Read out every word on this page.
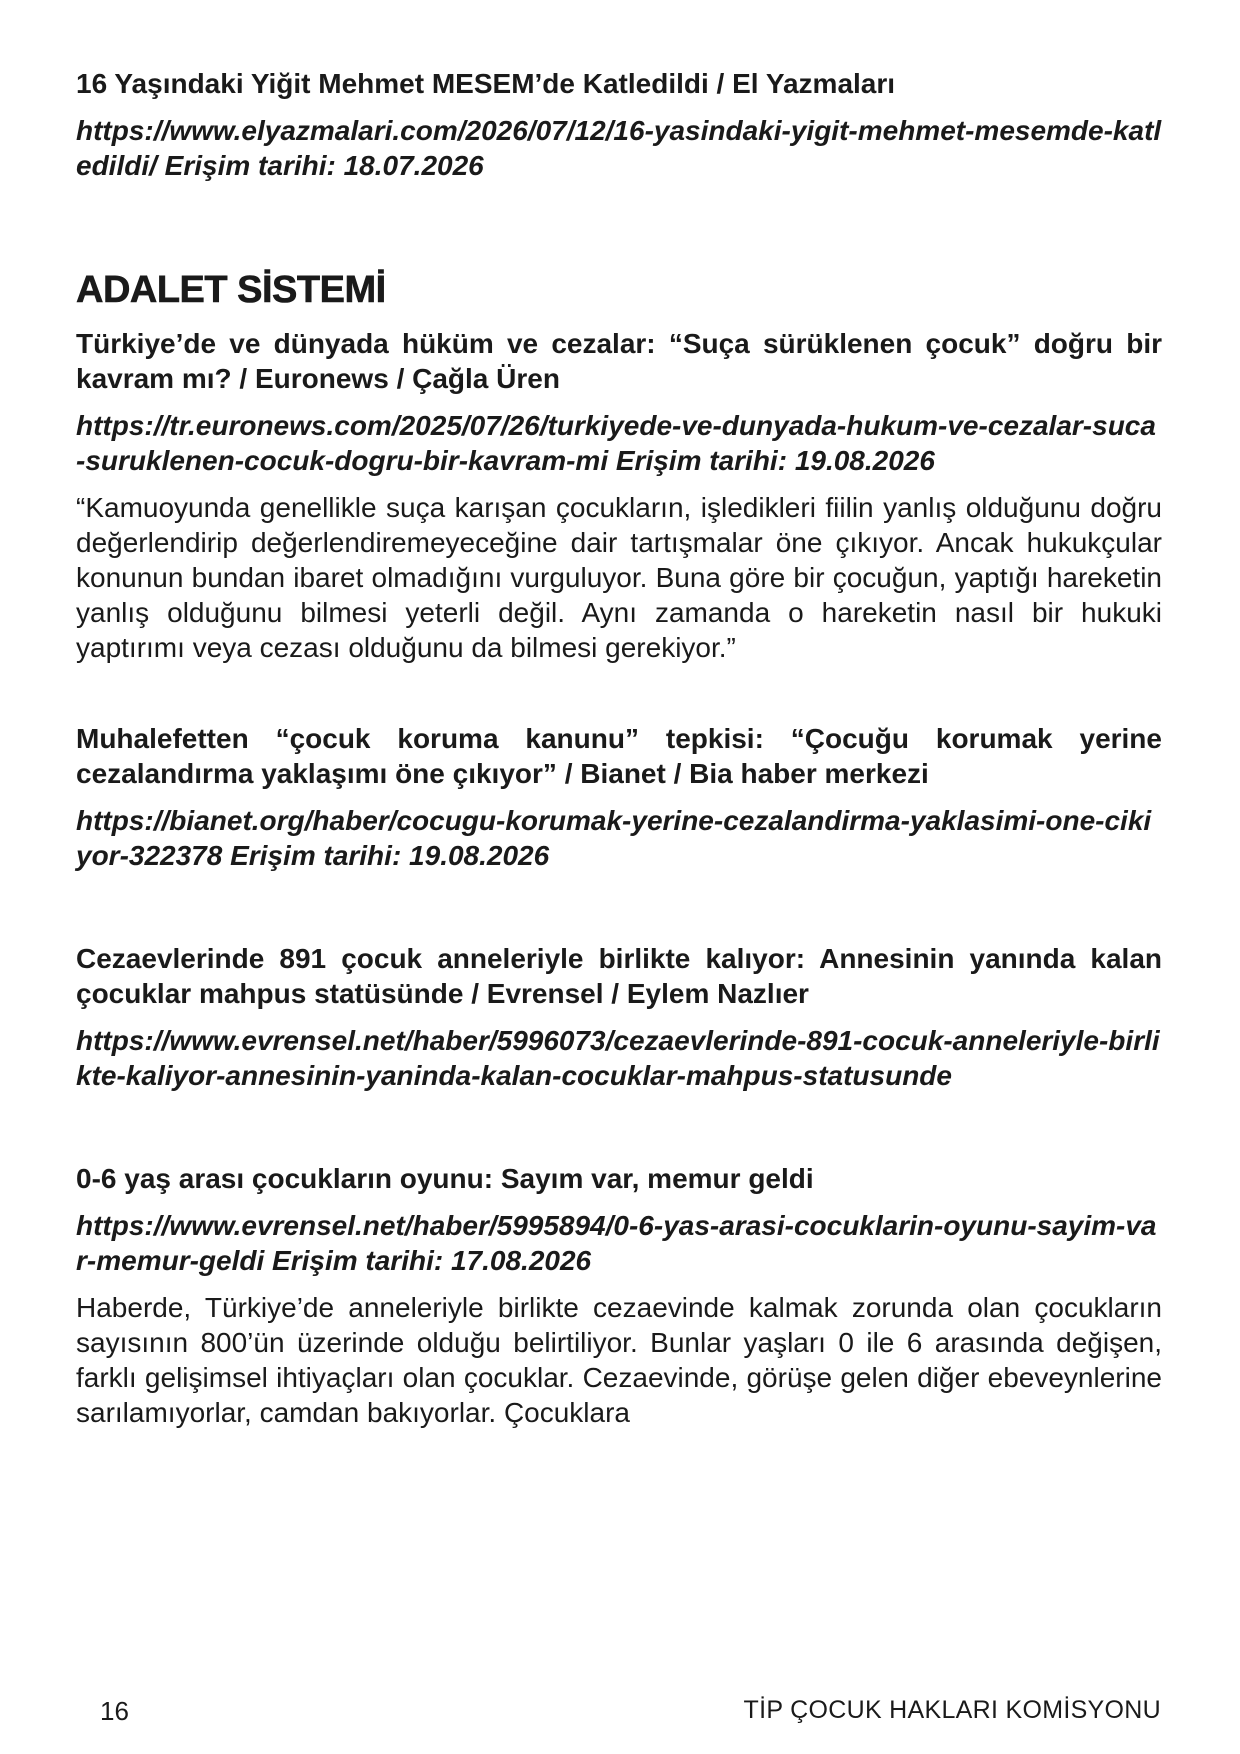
16 Yaşındaki Yiğit Mehmet MESEM’de Katledildi / El Yazmaları

https://www.elyazmalari.com/2026/07/12/16-yasindaki-yigit-mehmet-mesemde-katledildi/ Erişim tarihi: 18.07.2026

ADALET SİSTEMİ

Türkiye’de ve dünyada hüküm ve cezalar: “Suça sürüklenen çocuk” doğru bir kavram mı? / Euronews / Çağla Üren

https://tr.euronews.com/2025/07/26/turkiyede-ve-dunyada-hukum-ve-cezalar-suca-suruklenen-cocuk-dogru-bir-kavram-mi Erişim tarihi: 19.08.2026

“Kamuoyunda genellikle suça karışan çocukların, işledikleri fiilin yanlış olduğunu doğru değerlendirip değerlendiremeyeceğine dair tartışmalar öne çıkıyor. Ancak hukukçular konunun bundan ibaret olmadığını vurguluyor. Buna göre bir çocuğun, yaptığı hareketin yanlış olduğunu bilmesi yeterli değil. Aynı zamanda o hareketin nasıl bir hukuki yaptırımı veya cezası olduğunu da bilmesi gerekiyor.”

Muhalefetten “çocuk koruma kanunu” tepkisi: “Çocuğu korumak yerine cezalandırma yaklaşımı öne çıkıyor” / Bianet / Bia haber merkezi

https://bianet.org/haber/cocugu-korumak-yerine-cezalandirma-yaklasimi-one-cikiyor-322378 Erişim tarihi: 19.08.2026

Cezaevlerinde 891 çocuk anneleriyle birlikte kalıyor: Annesinin yanında kalan çocuklar mahpus statüsünde / Evrensel / Eylem Nazlıer

https://www.evrensel.net/haber/5996073/cezaevlerinde-891-cocuk-anneleriyle-birlikte-kaliyor-annesinin-yaninda-kalan-cocuklar-mahpus-statusunde

0-6 yaş arası çocukların oyunu: Sayım var, memur geldi

https://www.evrensel.net/haber/5995894/0-6-yas-arasi-cocuklarin-oyunu-sayim-var-memur-geldi Erişim tarihi: 17.08.2026

Haberde, Türkiye’de anneleriyle birlikte cezaevinde kalmak zorunda olan çocukların sayısının 800’ün üzerinde olduğu belirtiliyor. Bunlar yaşları 0 ile 6 arasında değişen, farklı gelişimsel ihtiyaçları olan çocuklar. Cezaevinde, görüşe gelen diğer ebeveynlerine sarılamıyorlar, camdan bakıyorlar. Çocuklara

16	TİP ÇOCUK HAKLARI KOMİSYONU
